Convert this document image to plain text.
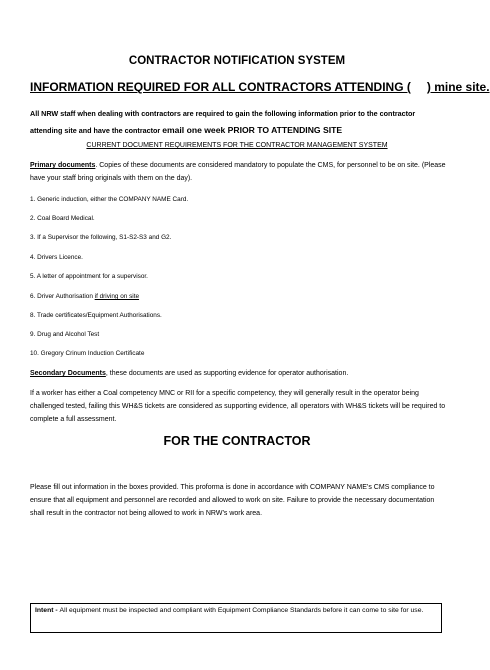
CONTRACTOR NOTIFICATION SYSTEM
INFORMATION REQUIRED FOR ALL CONTRACTORS ATTENDING ( ) mine site.
All NRW staff when dealing with contractors are required to gain the following information prior to the contractor
attending site and have the contractor email one week PRIOR TO ATTENDING SITE
CURRENT DOCUMENT REQUIREMENTS FOR THE CONTRACTOR MANAGEMENT SYSTEM
Primary documents. Copies of these documents are considered mandatory to populate the CMS, for personnel to be on site. (Please have your staff bring originals with them on the day).
1. Generic induction, either the COMPANY NAME Card.
2. Coal Board Medical.
3. If a Supervisor the following, S1-S2-S3 and G2.
4. Drivers Licence.
5. A letter of appointment for a supervisor.
6. Driver Authorisation if driving on site
8. Trade certificates/Equipment Authorisations.
9. Drug and Alcohol Test
10. Gregory Crinum Induction Certificate
Secondary Documents, these documents are used as supporting evidence for operator authorisation.
If a worker has either a Coal competency MNC or RII for a specific competency, they will generally result in the operator being challenged tested, failing this WH&S tickets are considered as supporting evidence, all operators with WH&S tickets will be required to complete a full assessment.
FOR THE CONTRACTOR
Please fill out information in the boxes provided. This proforma is done in accordance with COMPANY NAME’s CMS compliance to ensure that all equipment and personnel are recorded and allowed to work on site. Failure to provide the necessary documentation shall result in the contractor not being allowed to work in NRW’s work area.
Intent - All equipment must be inspected and compliant with Equipment Compliance Standards before it can come to site for use.
